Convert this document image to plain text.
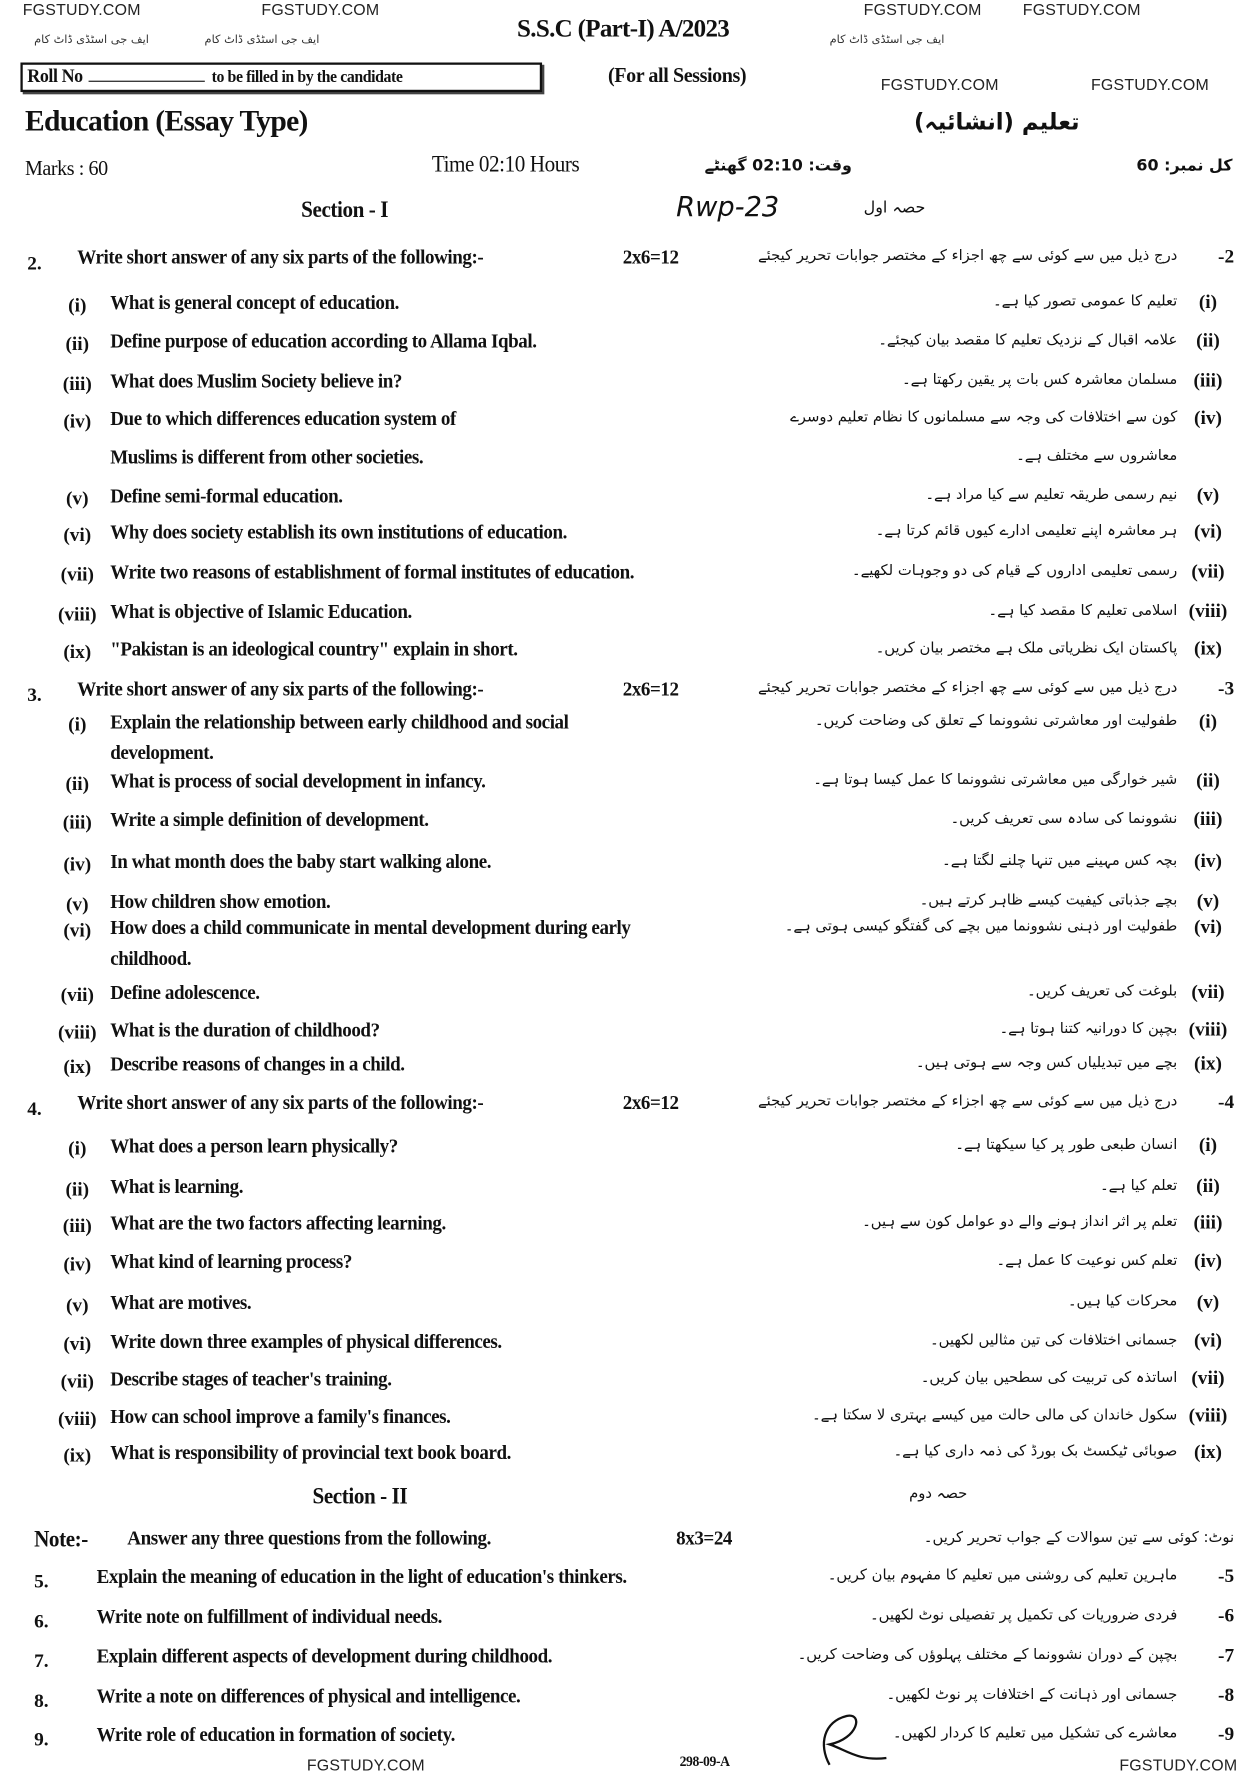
S.S.C (Part-I) A/2023
Roll No	to be filled in by the candidate	(For all Sessions)
Education (Essay Type)	تعلیم (انشائیہ)
Marks : 60	Time 02:10 Hours	وقت: 02:10 گھنٹے	کل نمبر: 60
Section - I	حصہ اول
Rwp-23
2. Write short answer of any six parts of the following:-	2x6=12	درج ذیل میں سے کوئی سے چھ اجزاء کے مختصر جوابات تحریر کیجئے -2
(i)	What is general concept of education.	تعلیم کا عمومی تصور کیا ہے۔	(i)
(ii)	Define purpose of education according to Allama Iqbal.	علامہ اقبال کے نزدیک تعلیم کا مقصد بیان کیجئے۔	(ii)
(iii)	What does Muslim Society believe in?	مسلمان معاشرہ کس بات پر یقین رکھتا ہے۔ (iii)
(iv)	Due to which differences education system of	کون سے اختلافات کی وجہ سے مسلمانوں کا نظام تعلیم دوسرے (iv)
Muslims is different from other societies.	معاشروں سے مختلف ہے۔
(v)	Define semi-formal education.	نیم رسمی طریقہ تعلیم سے کیا مراد ہے۔	(v)
(vi)	Why does society establish its own institutions of education.	ہر معاشرہ اپنے تعلیمی ادارے کیوں قائم کرتا ہے۔ (vi)
(vii) Write two reasons of establishment of formal institutes of education.	رسمی تعلیمی اداروں کے قیام کی دو وجوہات لکھیے۔ (vii)
(viii) What is objective of Islamic Education.	اسلامی تعلیم کا مقصد کیا ہے۔ (viii)
(ix)	"Pakistan is an ideological country" explain in short.	پاکستان ایک نظریاتی ملک ہے مختصر بیان کریں۔ (ix)
3. Write short answer of any six parts of the following:-	2x6=12	درج ذیل میں سے کوئی سے چھ اجزاء کے مختصر جوابات تحریر کیجئے -3
(i)	Explain the relationship between early childhood and social	طفولیت اور معاشرتی نشوونما کے تعلق کی وضاحت کریں۔	(i)
development.
(ii)	What is process of social development in infancy.	شیر خوارگی میں معاشرتی نشوونما کا عمل کیسا ہوتا ہے۔	(ii)
(iii)	Write a simple definition of development.	نشوونما کی سادہ سی تعریف کریں۔ (iii)
(iv)	In what month does the baby start walking alone.	بچہ کس مہینے میں تنہا چلنے لگتا ہے۔ (iv)
(v)	How children show emotion.	بچے جذباتی کیفیت کیسے ظاہر کرتے ہیں۔	(v)
(vi)	How does a child communicate in mental development during early	طفولیت اور ذہنی نشوونما میں بچے کی گفتگو کیسی ہوتی ہے۔ (vi)
childhood.
(vii) Define adolescence.	بلوغت کی تعریف کریں۔ (vii)
(viii) What is the duration of childhood?	بچپن کا دورانیہ کتنا ہوتا ہے۔ (viii)
(ix)	Describe reasons of changes in a child.	بچے میں تبدیلیاں کس وجہ سے ہوتی ہیں۔ (ix)
4. Write short answer of any six parts of the following:-	2x6=12	درج ذیل میں سے کوئی سے چھ اجزاء کے مختصر جوابات تحریر کیجئے -4
(i)	What does a person learn physically?	انسان طبعی طور پر کیا سیکھتا ہے۔	(i)
(ii)	What is learning.	تعلم کیا ہے۔	(ii)
(iii)	What are the two factors affecting learning.	تعلم پر اثر انداز ہونے والے دو عوامل کون سے ہیں۔ (iii)
(iv)	What kind of learning process?	تعلم کس نوعیت کا عمل ہے۔ (iv)
(v)	What are motives.	محرکات کیا ہیں۔	(v)
(vi)	Write down three examples of physical differences.	جسمانی اختلافات کی تین مثالیں لکھیں۔ (vi)
(vii) Describe stages of teacher's training.	اساتذہ کی تربیت کی سطحیں بیان کریں۔ (vii)
(viii) How can school improve a family's finances.	سکول خاندان کی مالی حالت میں کیسے بہتری لا سکتا ہے۔ (viii)
(ix)	What is responsibility of provincial text book board.	صوبائی ٹیکسٹ بک بورڈ کی ذمہ داری کیا ہے۔ (ix)
Section - II	حصہ دوم
Note:- Answer any three questions from the following.	8x3=24	نوٹ: کوئی سے تین سوالات کے جواب تحریر کریں۔
5.	Explain the meaning of education in the light of education's thinkers.	ماہرین تعلیم کی روشنی میں تعلیم کا مفہوم بیان کریں۔ -5
6.	Write note on fulfillment of individual needs.	فردی ضروریات کی تکمیل پر تفصیلی نوٹ لکھیں۔ -6
7.	Explain different aspects of development during childhood.	بچپن کے دوران نشوونما کے مختلف پہلوؤں کی وضاحت کریں۔ -7
8.	Write a note on differences of physical and intelligence.	جسمانی اور ذہانت کے اختلافات پر نوٹ لکھیں۔ -8
9.	Write role of education in formation of society.	معاشرے کی تشکیل میں تعلیم کا کردار لکھیں۔ -9
298-09-A
FGSTUDY.COM	FGSTUDY.COM	FGSTUDY.COM	FGSTUDY.COM
FGSTUDY.COM	FGSTUDY.COM
FGSTUDY.COM	FGSTUDY.COM
ایف جی اسٹڈی ڈاٹ کام	ایف جی اسٹڈی ڈاٹ کام	ایف جی اسٹڈی ڈاٹ کام
